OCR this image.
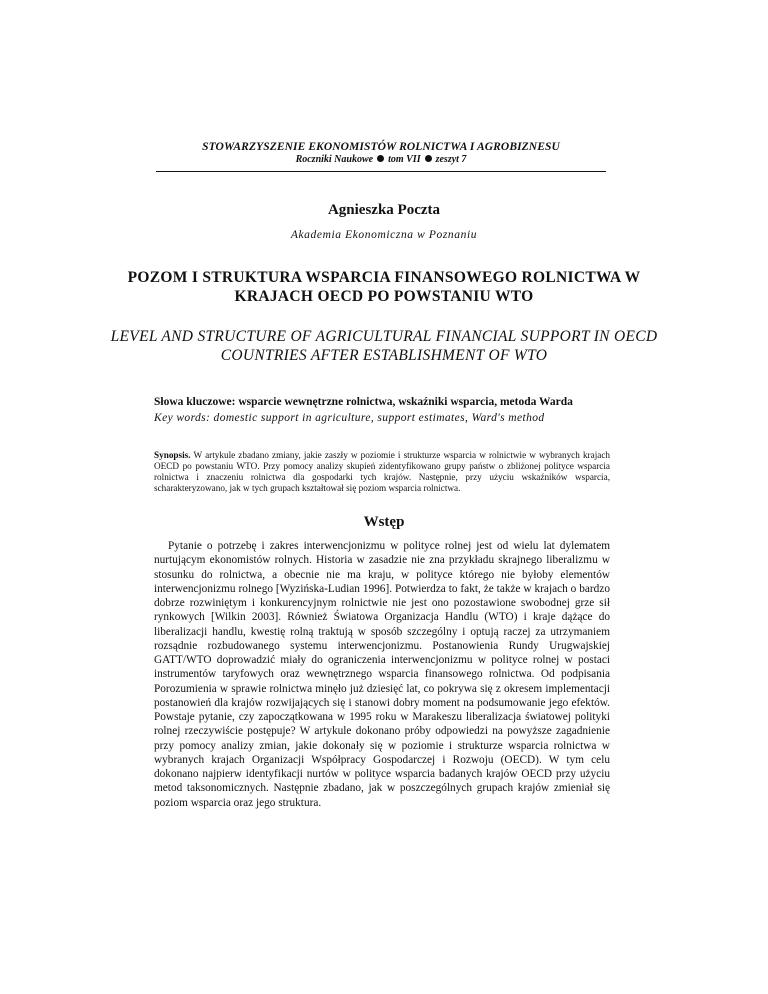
STOWARZYSZENIE EKONOMISTÓW ROLNICTWA I AGROBIZNESU
Roczniki Naukowe tom VII zeszyt 7
Agnieszka Poczta
Akademia Ekonomiczna w Poznaniu
POZOM I STRUKTURA WSPARCIA FINANSOWEGO ROLNICTWA W KRAJACH OECD PO POWSTANIU WTO
LEVEL AND STRUCTURE OF AGRICULTURAL FINANCIAL SUPPORT IN OECD COUNTRIES AFTER ESTABLISHMENT OF WTO
Słowa kluczowe: wsparcie wewnętrzne rolnictwa, wskaźniki wsparcia, metoda Warda
Key words: domestic support in agriculture, support estimates, Ward's method
Synopsis. W artykule zbadano zmiany, jakie zaszły w poziomie i strukturze wsparcia w rolnictwie w wybranych krajach OECD po powstaniu WTO. Przy pomocy analizy skupień zidentyfikowano grupy państw o zbliżonej polityce wsparcia rolnictwa i znaczeniu rolnictwa dla gospodarki tych krajów. Następnie, przy użyciu wskaźników wsparcia, scharakteryzowano, jak w tych grupach kształtował się poziom wsparcia rolnictwa.
Wstęp

Pytanie o potrzebę i zakres interwencjonizmu w polityce rolnej jest od wielu lat dylematem nurtującym ekonomistów rolnych. Historia w zasadzie nie zna przykładu skrajnego liberalizmu w stosunku do rolnictwa, a obecnie nie ma kraju, w polityce którego nie byłoby elementów interwencjonizmu rolnego [Wyzińska-Ludian 1996]. Potwierdza to fakt, że także w krajach o bardzo dobrze rozwiniętym i konkurencyjnym rolnictwie nie jest ono pozostawione swobodnej grze sił rynkowych [Wilkin 2003]. Również Światowa Organizacja Handlu (WTO) i kraje dążące do liberalizacji handlu, kwestię rolną traktują w sposób szczególny i optują raczej za utrzymaniem rozsądnie rozbudowanego systemu interwencjonizmu. Postanowienia Rundy Urugwajskiej GATT/WTO doprowadzić miały do ograniczenia interwencjonizmu w polityce rolnej w postaci instrumentów taryfowych oraz wewnętrznego wsparcia finansowego rolnictwa. Od podpisania Porozumienia w sprawie rolnictwa minęło już dziesięć lat, co pokrywa się z okresem implementacji postanowień dla krajów rozwijających się i stanowi dobry moment na podsumowanie jego efektów. Powstaje pytanie, czy zapoczątkowana w 1995 roku w Marakeszu liberalizacja światowej polityki rolnej rzeczywiście postępuje? W artykule dokonano próby odpowiedzi na powyższe zagadnienie przy pomocy analizy zmian, jakie dokonały się w poziomie i strukturze wsparcia rolnictwa w wybranych krajach Organizacji Współpracy Gospodarczej i Rozwoju (OECD). W tym celu dokonano najpierw identyfikacji nurtów w polityce wsparcia badanych krajów OECD przy użyciu metod taksonomicznych. Następnie zbadano, jak w poszczególnych grupach krajów zmieniał się poziom wsparcia oraz jego struktura.
